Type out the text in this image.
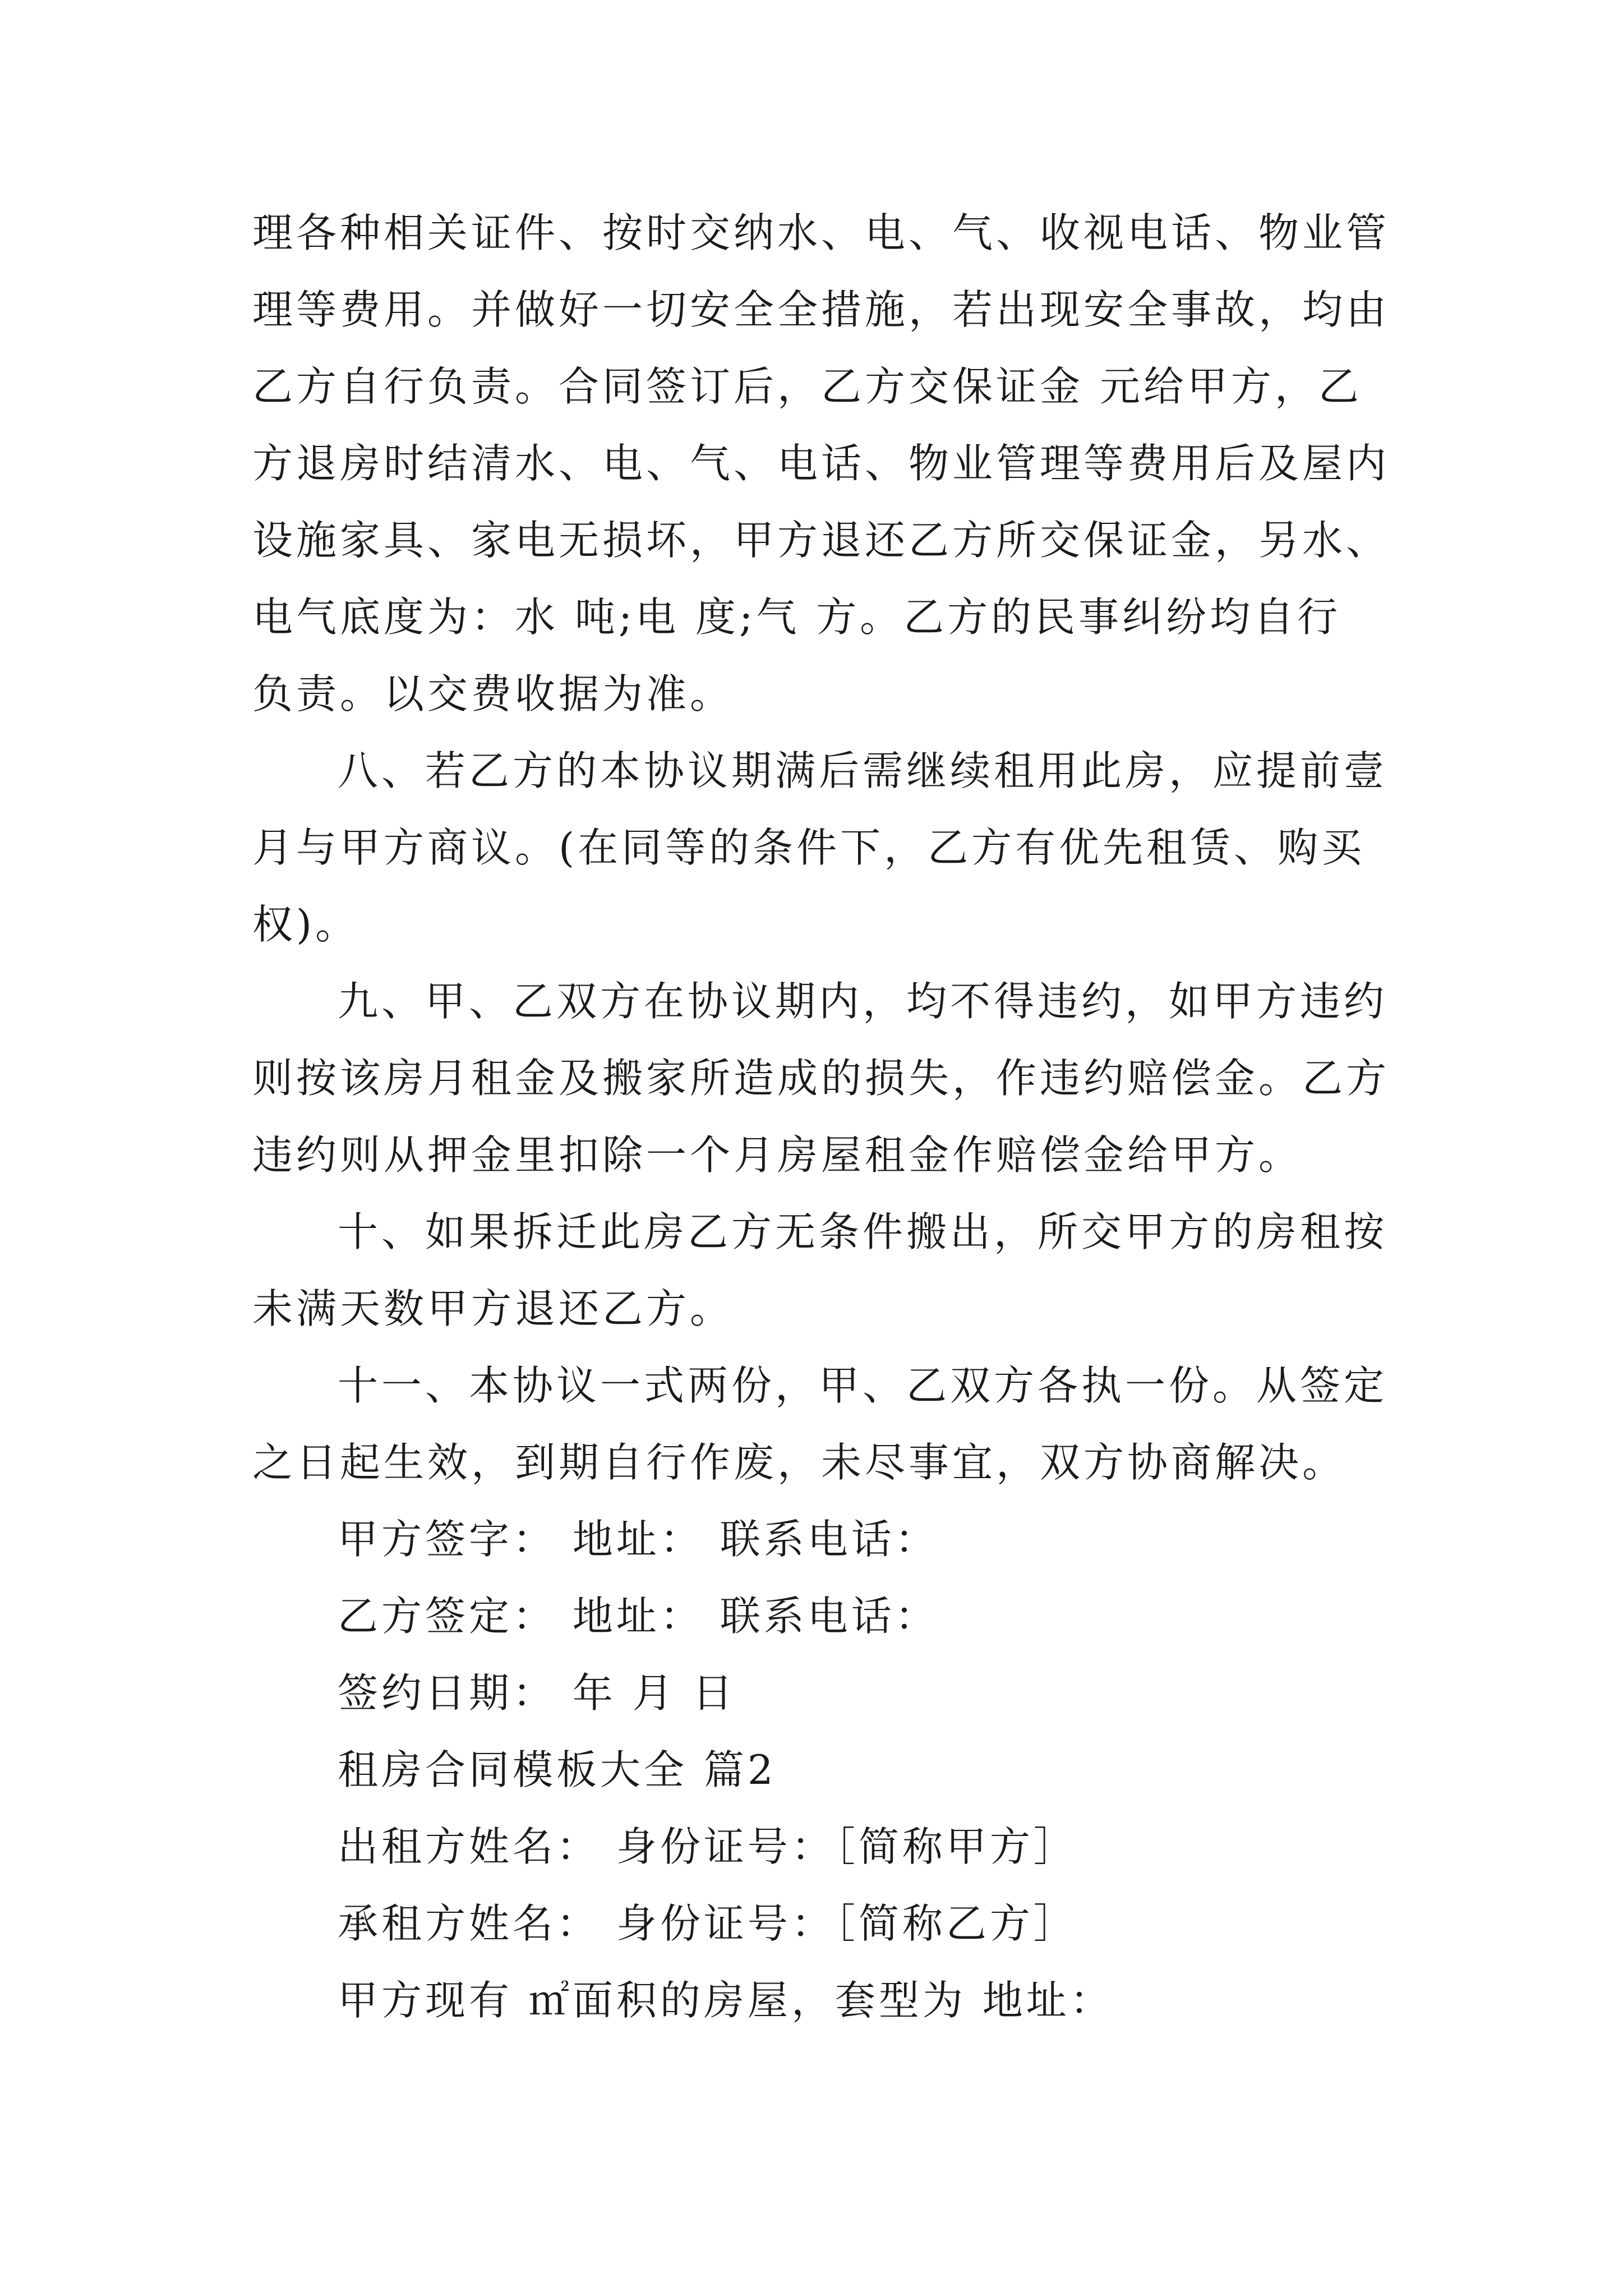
理各种相关证件、按时交纳水、电、气、收视电话、物业管
理等费用。并做好一切安全全措施，若出现安全事故，均由
乙方自行负责。合同签订后，乙方交保证金 元给甲方，乙
方退房时结清水、电、气、电话、物业管理等费用后及屋内
设施家具、家电无损坏，甲方退还乙方所交保证金，另水、
电气底度为：水 吨;电 度;气 方。乙方的民事纠纷均自行
负责。以交费收据为准。
八、若乙方的本协议期满后需继续租用此房，应提前壹
月与甲方商议。(在同等的条件下，乙方有优先租赁、购买
权)。
九、甲、乙双方在协议期内，均不得违约，如甲方违约
则按该房月租金及搬家所造成的损失，作违约赔偿金。乙方
违约则从押金里扣除一个月房屋租金作赔偿金给甲方。
十、如果拆迁此房乙方无条件搬出，所交甲方的房租按
未满天数甲方退还乙方。
十一、本协议一式两份，甲、乙双方各执一份。从签定
之日起生效，到期自行作废，未尽事宜，双方协商解决。
甲方签字： 地址： 联系电话：
乙方签定： 地址： 联系电话：
签约日期： 年 月 日
租房合同模板大全 篇2
出租方姓名： 身份证号：［简称甲方］
承租方姓名： 身份证号：［简称乙方］
甲方现有 ㎡面积的房屋，套型为 地址：
